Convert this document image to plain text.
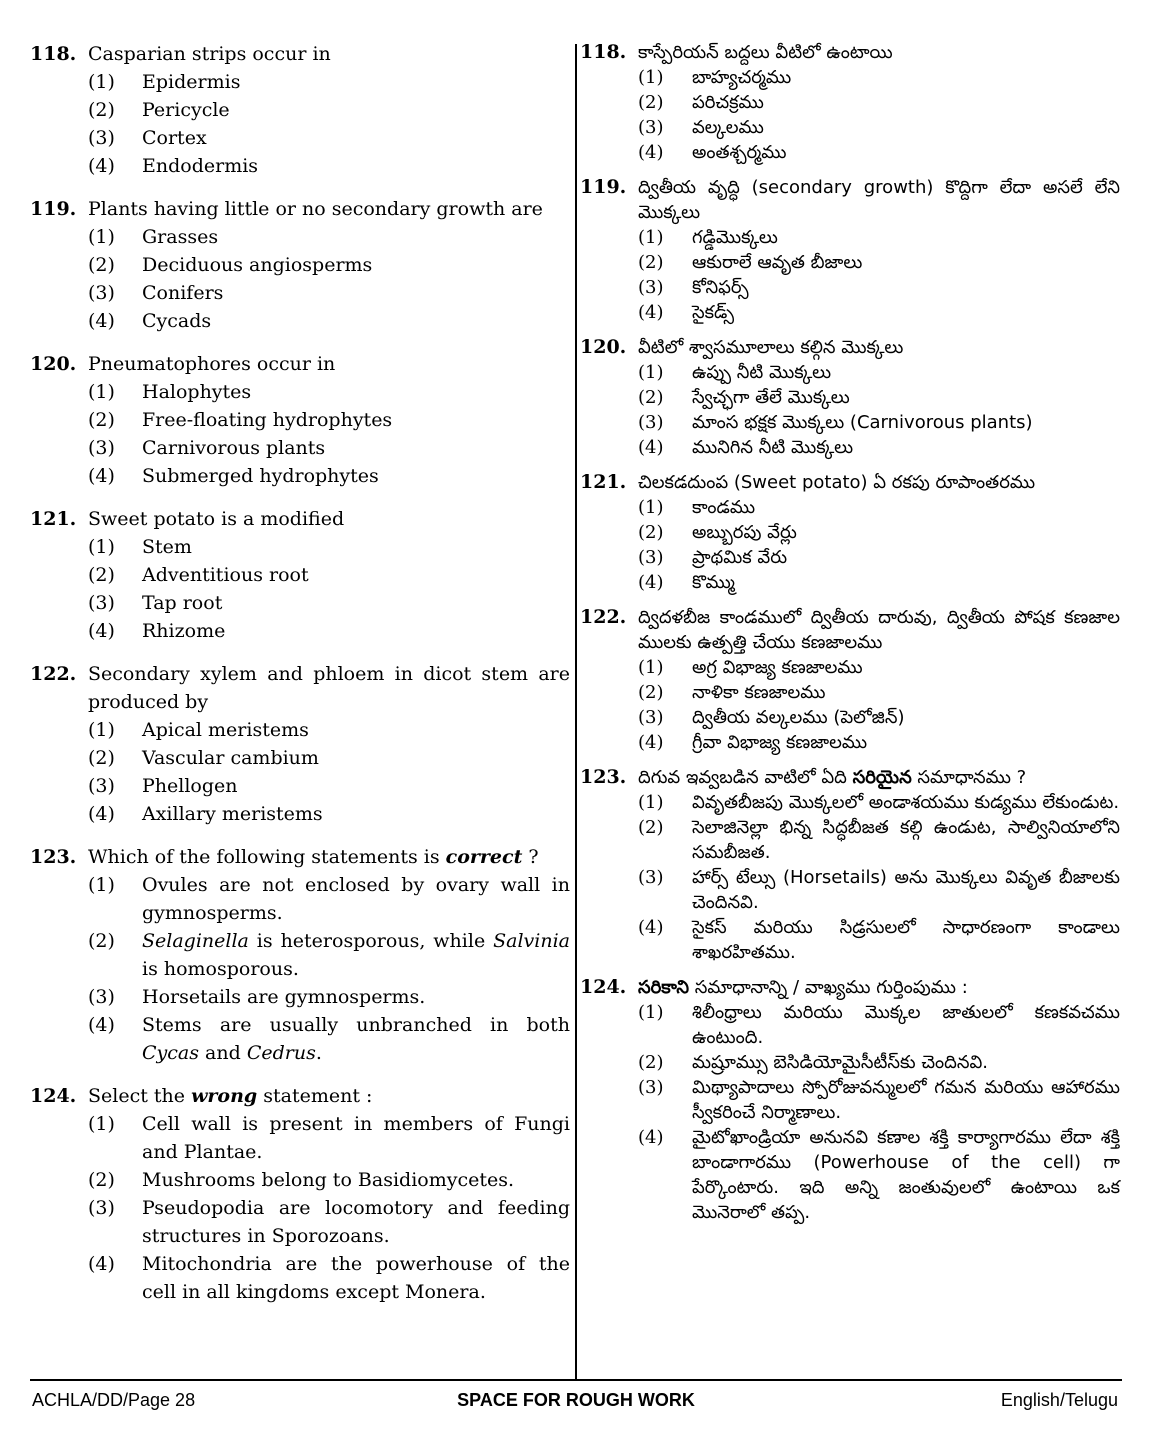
118. Casparian strips occur in
(1)	Epidermis
(2)	Pericycle
(3)	Cortex
(4)	Endodermis
119. Plants having little or no secondary growth are
(1)	Grasses
(2)	Deciduous angiosperms
(3)	Conifers
(4)	Cycads
120. Pneumatophores occur in
(1)	Halophytes
(2)	Free-floating hydrophytes
(3)	Carnivorous plants
(4)	Submerged hydrophytes
121. Sweet potato is a modified
(1)	Stem
(2)	Adventitious root
(3)	Tap root
(4)	Rhizome
122. Secondary xylem and phloem in dicot stem are produced by
(1)	Apical meristems
(2)	Vascular cambium
(3)	Phellogen
(4)	Axillary meristems
123. Which of the following statements is correct ?
(1)	Ovules are not enclosed by ovary wall in gymnosperms.
(2)	Selaginella is heterosporous, while Salvinia is homosporous.
(3)	Horsetails are gymnosperms.
(4)	Stems are usually unbranched in both Cycas and Cedrus.
124. Select the wrong statement :
(1)	Cell wall is present in members of Fungi and Plantae.
(2)	Mushrooms belong to Basidiomycetes.
(3)	Pseudopodia are locomotory and feeding structures in Sporozoans.
(4)	Mitochondria are the powerhouse of the cell in all kingdoms except Monera.
118. కాస్పేరియన్ బద్దలు వీటిలో ఉంటాయి
(1)	బాహ్యచర్మము
(2)	పరిచక్రము
(3)	వల్కలము
(4)	అంతశ్చర్మము
119. ద్వితీయ వృద్ధి (secondary growth) కొద్దిగా లేదా అసలే లేని మొక్కలు
(1)	గడ్డిమొక్కలు
(2)	ఆకురాలే ఆవృత బీజాలు
(3)	కోనిఫర్స్
(4)	సైకడ్స్
120. వీటిలో శ్వాసమూలాలు కల్గిన మొక్కలు
(1)	ఉప్పు నీటి మొక్కలు
(2)	స్వేచ్ఛగా తేలే మొక్కలు
(3)	మాంస భక్షక మొక్కలు (Carnivorous plants)
(4)	మునిగిన నీటి మొక్కలు
121. చిలకడదుంప (Sweet potato) ఏ రకపు రూపాంతరము
(1)	కాండము
(2)	అబ్బురపు వేర్లు
(3)	ప్రాథమిక వేరు
(4)	కొమ్ము
122. ద్విదళబీజ కాండములో ద్వితీయ దారువు, ద్వితీయ పోషక కణజాల ములకు ఉత్పత్తి చేయు కణజాలము
(1)	అగ్ర విభాజ్య కణజాలము
(2)	నాళికా కణజాలము
(3)	ద్వితీయ వల్కలము (పెలోజిన్)
(4)	గ్రీవా విభాజ్య కణజాలము
123. దిగువ ఇవ్వబడిన వాటిలో ఏది సరియైన సమాధానము ?
(1)	వివృతబీజపు మొక్కలలో అండాశయము కుడ్యము లేకుండుట.
(2)	సెలాజినెల్లా భిన్న సిద్ధబీజత కల్గి ఉండుట, సాల్వినియాలోని సమబీజత.
(3)	హార్స్ టేల్సు (Horsetails) అను మొక్కలు వివృత బీజాలకు చెందినవి.
(4)	సైకస్ మరియు సిడ్రసులలో సాధారణంగా కాండాలు శాఖరహితము.
124. సరికాని సమాధానాన్ని / వాఖ్యము గుర్తింపుము :
(1)	శిలీంధ్రాలు మరియు మొక్కల జాతులలో కణకవచము ఉంటుంది.
(2)	మష్రూమ్సు బెసిడియోమైసీటీస్‌కు చెందినవి.
(3)	మిథ్యాపాదాలు స్పోరోజువన్ములలో గమన మరియు ఆహారము స్వీకరించే నిర్మాణాలు.
(4)	మైటోఖాండ్రియా అనునవి కణాల శక్తి కార్యాగారము లేదా శక్తి బాండాగారము (Powerhouse of the cell) గా పేర్కొంటారు. ఇది అన్ని జంతువులలో ఉంటాయి ఒక మొనెరాలో తప్ప.
ACHLA/DD/Page 28	SPACE FOR ROUGH WORK	English/Telugu
